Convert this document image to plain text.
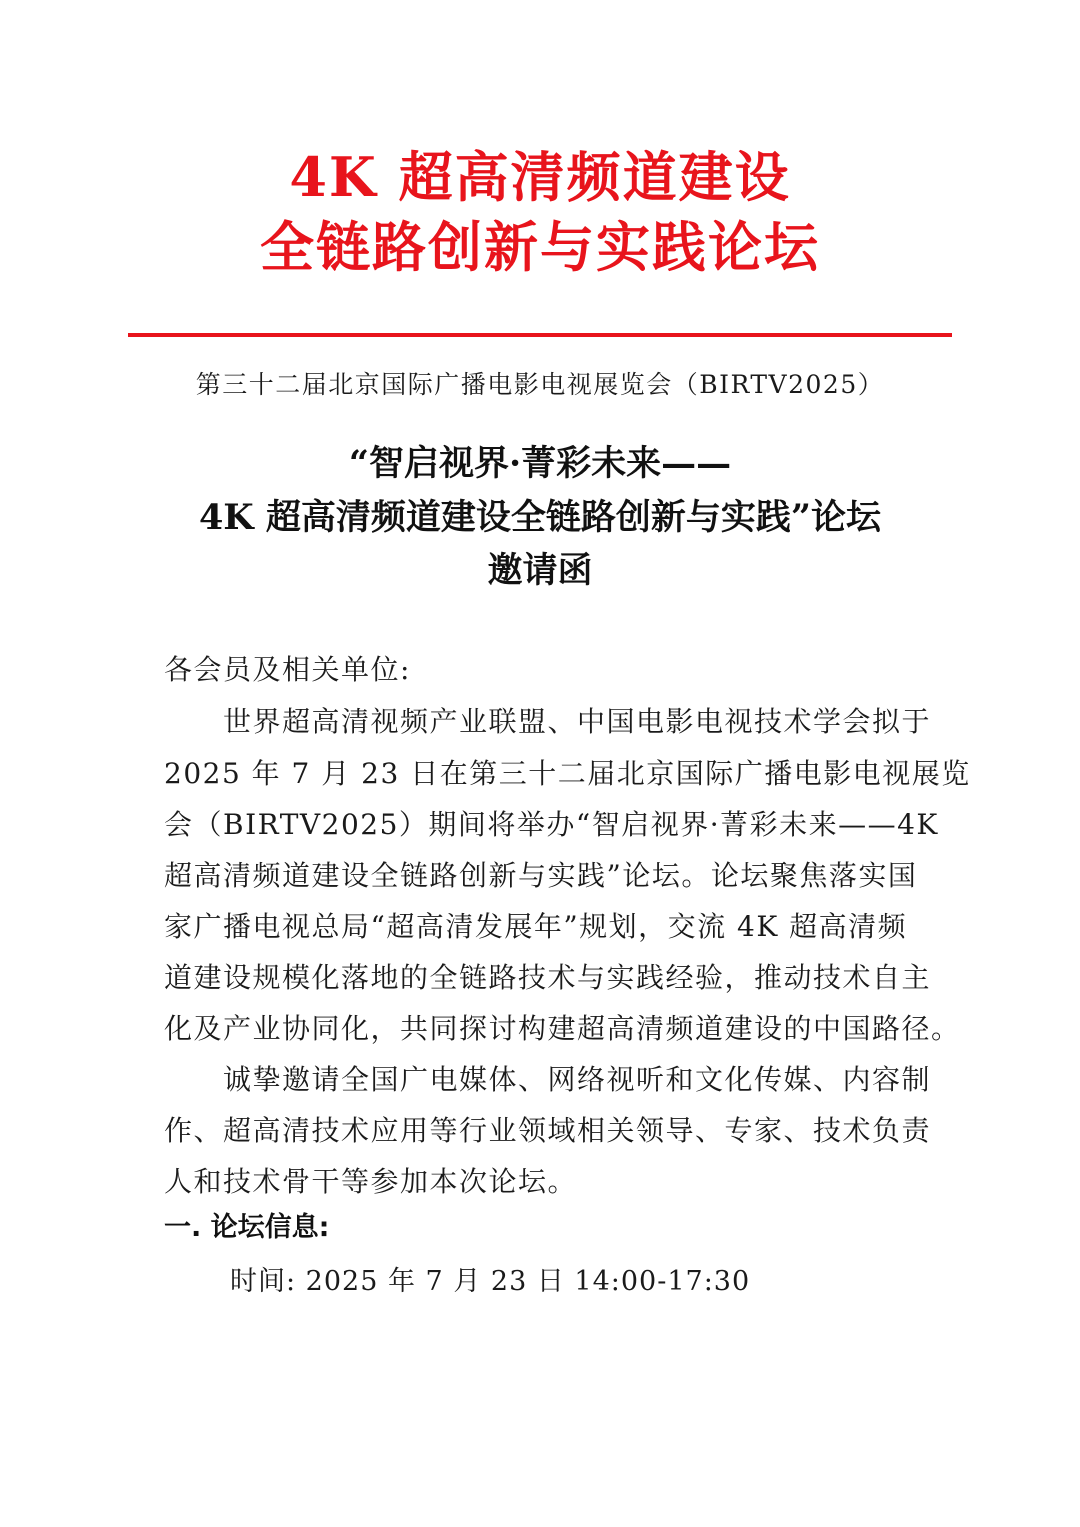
4K 超高清频道建设
全链路创新与实践论坛
第三十二届北京国际广播电影电视展览会（BIRTV2025）
“智启视界·菁彩未来——
4K 超高清频道建设全链路创新与实践”论坛
邀请函
各会员及相关单位:
　　世界超高清视频产业联盟、中国电影电视技术学会拟于
2025 年 7 月 23 日在第三十二届北京国际广播电影电视展览
会（BIRTV2025）期间将举办“智启视界·菁彩未来——4K
超高清频道建设全链路创新与实践”论坛。论坛聚焦落实国
家广播电视总局“超高清发展年”规划，交流 4K 超高清频
道建设规模化落地的全链路技术与实践经验，推动技术自主
化及产业协同化，共同探讨构建超高清频道建设的中国路径。
　　诚挚邀请全国广电媒体、网络视听和文化传媒、内容制
作、超高清技术应用等行业领域相关领导、专家、技术负责
人和技术骨干等参加本次论坛。
一. 论坛信息:
时间: 2025 年 7 月 23 日 14:00-17:30
